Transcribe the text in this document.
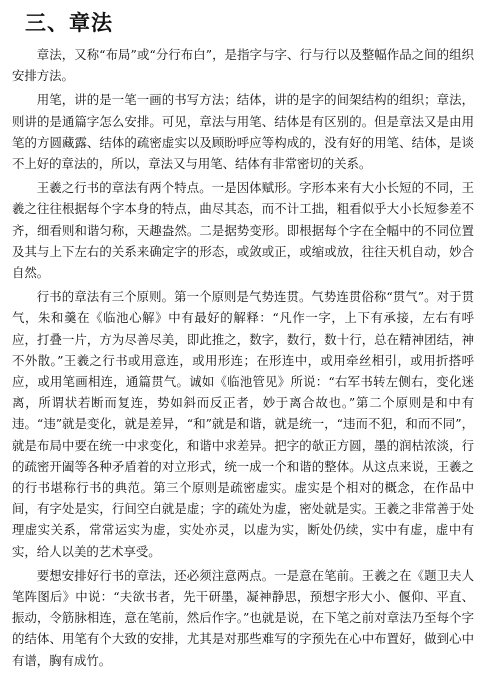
三、章法

章法，又称“布局”或“分行布白”，是指字与字、行与行以及整幅作品之间的组织安排方法。

用笔，讲的是一笔一画的书写方法；结体，讲的是字的间架结构的组织；章法，则讲的是通篇字怎么安排。可见，章法与用笔、结体是有区别的。但是章法又是由用笔的方圆藏露、结体的疏密虚实以及顾盼呼应等构成的，没有好的用笔、结体，是谈不上好的章法的，所以，章法又与用笔、结体有非常密切的关系。

王羲之行书的章法有两个特点。一是因体赋形。字形本来有大小长短的不同，王羲之往往根据每个字本身的特点，曲尽其态，而不计工拙，粗看似乎大小长短参差不齐，细看则和谐匀称，天趣盎然。二是据势变形。即根据每个字在全幅中的不同位置及其与上下左右的关系来确定字的形态，或敛或正，或缩或放，往往天机自动，妙合自然。

行书的章法有三个原则。第一个原则是气势连贯。气势连贯俗称“贯气”。对于贯气，朱和羹在《临池心解》中有最好的解释：“凡作一字，上下有承接，左右有呼应，打叠一片，方为尽善尽美，即此推之，数字，数行，数十行，总在精神团结，神不外散。”王羲之行书或用意连，或用形连；在形连中，或用牵丝相引，或用折搭呼应，或用笔画相连，通篇贯气。诚如《临池管见》所说：“右军书转左侧右，变化迷离，所谓状若断而复连，势如斜而反正者，妙于离合故也。”第二个原则是和中有违。“违”就是变化，就是差异，“和”就是和谐，就是统一，“违而不犯，和而不同”，就是布局中要在统一中求变化，和谐中求差异。把字的欹正方圆，墨的润枯浓淡，行的疏密开阖等各种矛盾着的对立形式，统一成一个和谐的整体。从这点来说，王羲之的行书堪称行书的典范。第三个原则是疏密虚实。虚实是个相对的概念，在作品中间，有字处是实，行间空白就是虚；字的疏处为虚，密处就是实。王羲之非常善于处理虚实关系，常常运实为虚，实处亦灵，以虚为实，断处仍续，实中有虚，虚中有实，给人以美的艺术享受。

要想安排好行书的章法，还必须注意两点。一是意在笔前。王羲之在《题卫夫人笔阵图后》中说：“夫欲书者，先干研墨，凝神静思，预想字形大小、偃仰、平直、振动，令筋脉相连，意在笔前，然后作字。”也就是说，在下笔之前对章法乃至每个字的结体、用笔有个大致的安排，尤其是对那些难写的字预先在心中布置好，做到心中有谱，胸有成竹。
